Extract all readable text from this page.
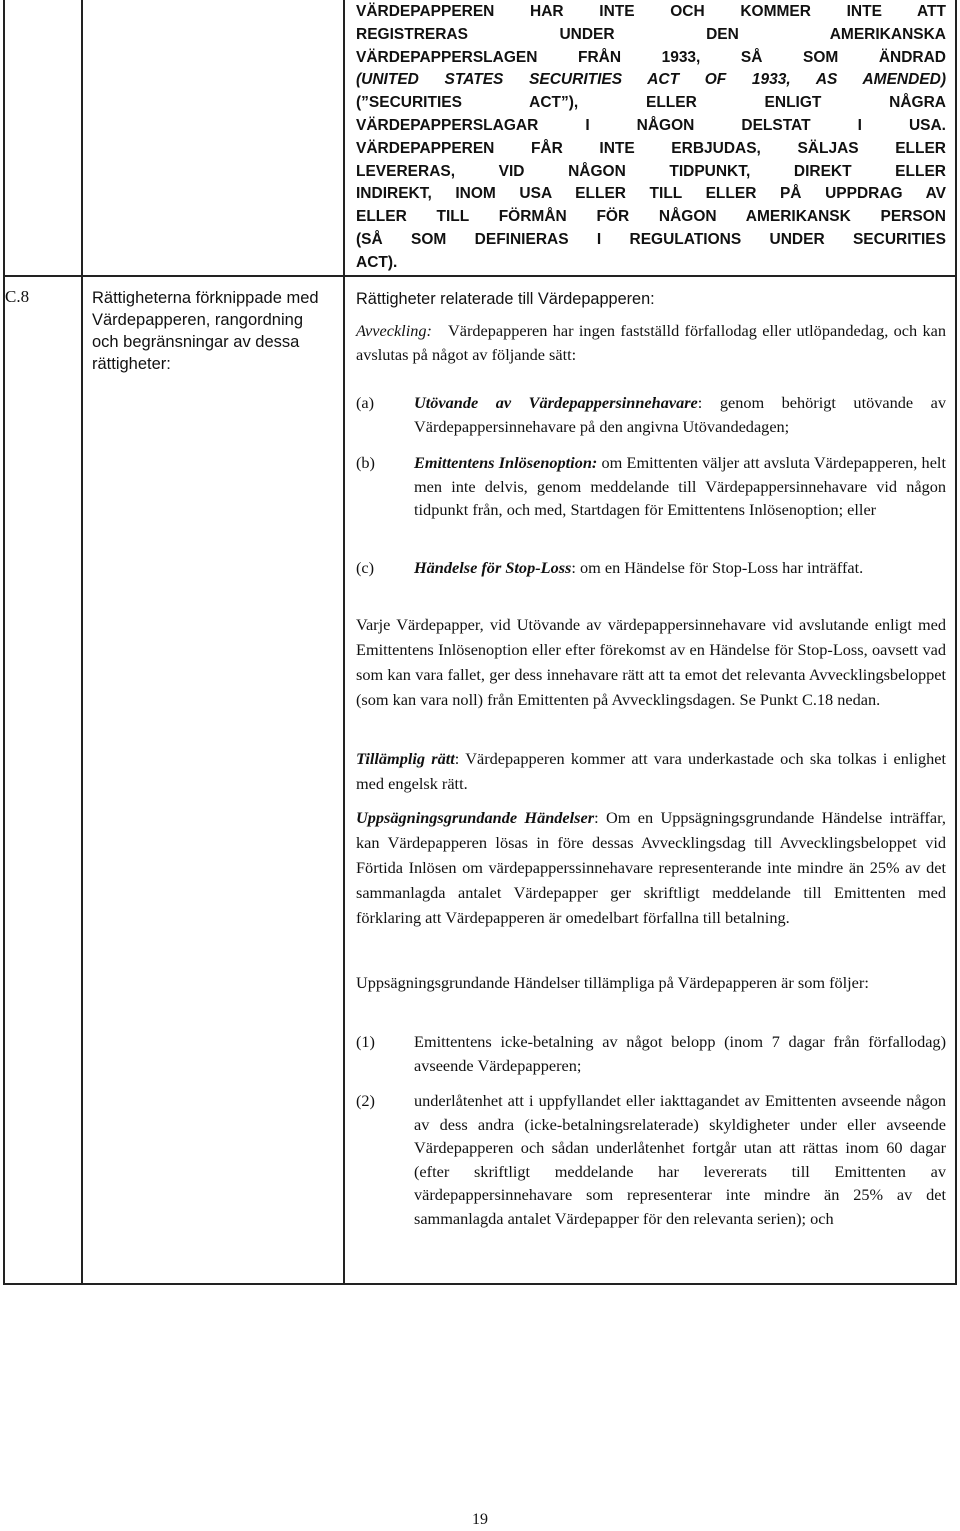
C.8	Rättigheterna förknippade med Värdepapperen, rangordning och begränsningar av dessa rättigheter:
VÄRDEPAPPEREN HAR INTE OCH KOMMER INTE ATT
REGISTRERAS UNDER DEN AMERIKANSKA
VÄRDEPAPPERSLAGEN FRÅN 1933, SÅ SOM ÄNDRAD
(UNITED STATES SECURITIES ACT OF 1933, AS AMENDED)
(”SECURITIES ACT”), ELLER ENLIGT NÅGRA
VÄRDEPAPPERSLAGAR I NÅGON DELSTAT I USA.
VÄRDEPAPPEREN FÅR INTE ERBJUDAS, SÄLJAS ELLER
LEVERERAS, VID NÅGON TIDPUNKT, DIREKT ELLER
INDIREKT, INOM USA ELLER TILL ELLER PÅ UPPDRAG AV
ELLER TILL FÖRMÅN FÖR NÅGON AMERIKANSK PERSON
(SÅ SOM DEFINIERAS I REGULATIONS UNDER SECURITIES
ACT).
Rättigheter relaterade till Värdepapperen:

Avveckling: Värdepapperen har ingen fastställd förfallodag eller utlöpandedag, och kan avslutas på något av följande sätt:

(a) Utövande av Värdepappersinnehavare: genom behörigt utövande av Värdepappersinnehavare på den angivna Utövandedagen;
(b) Emittentens Inlösenoption: om Emittenten väljer att avsluta Värdepapperen, helt men inte delvis, genom meddelande till Värdepappersinnehavare vid någon tidpunkt från, och med, Startdagen för Emittentens Inlösenoption; eller
(c) Händelse för Stop-Loss: om en Händelse för Stop-Loss har inträffat.

Varje Värdepapper, vid Utövande av värdepappersinnehavare vid avslutande enligt med Emittentens Inlösenoption eller efter förekomst av en Händelse för Stop-Loss, oavsett vad som kan vara fallet, ger dess innehavare rätt att ta emot det relevanta Avvecklingsbeloppet (som kan vara noll) från Emittenten på Avvecklingsdagen. Se Punkt C.18 nedan.

Tillämplig rätt: Värdepapperen kommer att vara underkastade och ska tolkas i enlighet med engelsk rätt.

Uppsägningsgrundande Händelser: Om en Uppsägningsgrundande Händelse inträffar, kan Värdepapperen lösas in före dessas Avvecklingsdag till Avvecklingsbeloppet vid Förtida Inlösen om värdepapperssinnehavare representerande inte mindre än 25% av det sammanlagda antalet Värdepapper ger skriftligt meddelande till Emittenten med förklaring att Värdepapperen är omedelbart förfallna till betalning.

Uppsägningsgrundande Händelser tillämpliga på Värdepapperen är som följer:

(1) Emittentens icke-betalning av något belopp (inom 7 dagar från förfallodag) avseende Värdepapperen;
(2) underlåtenhet att i uppfyllandet eller iakttagandet av Emittenten avseende någon av dess andra (icke-betalningsrelaterade) skyldigheter under eller avseende Värdepapperen och sådan underlåtenhet fortgår utan att rättas inom 60 dagar (efter skriftligt meddelande har levererats till Emittenten av värdepappersinnehavare som representerar inte mindre än 25% av det sammanlagda antalet Värdepapper för den relevanta serien); och
19
